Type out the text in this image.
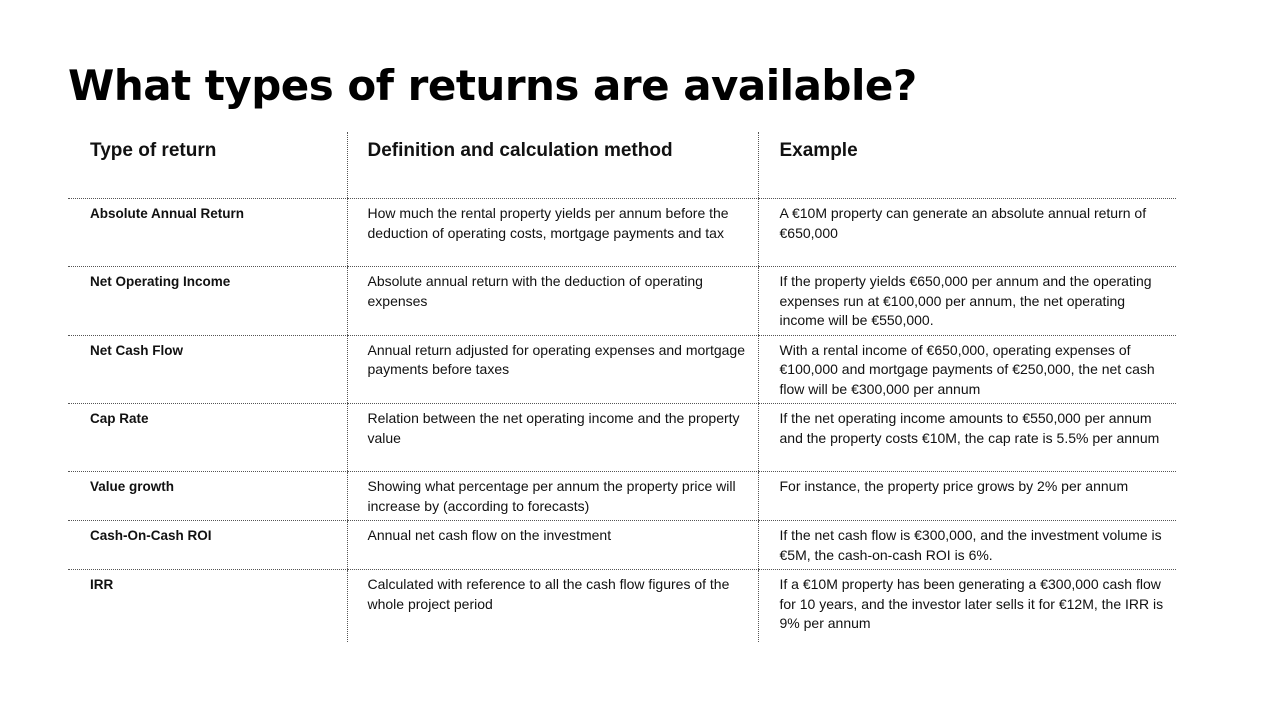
What types of returns are available?
Type of return	Definition and calculation method	Example
Absolute Annual Return	How much the rental property yields per annum before the deduction of operating costs, mortgage payments and tax	A €10M property can generate an absolute annual return of €650,000
Net Operating Income	Absolute annual return with the deduction of operating expenses	If the property yields €650,000 per annum and the operating expenses run at €100,000 per annum, the net operating income will be €550,000.
Net Cash Flow	Annual return adjusted for operating expenses and mortgage payments before taxes	With a rental income of €650,000, operating expenses of €100,000 and mortgage payments of €250,000, the net cash flow will be €300,000 per annum
Cap Rate	Relation between the net operating income and the property value	If the net operating income amounts to €550,000 per annum and the property costs €10M, the cap rate is 5.5% per annum
Value growth	Showing what percentage per annum the property price will increase by (according to forecasts)	For instance, the property price grows by 2% per annum
Cash-On-Cash ROI	Annual net cash flow on the investment	If the net cash flow is €300,000, and the investment volume is €5M, the cash-on-cash ROI is 6%.
IRR	Calculated with reference to all the cash flow figures of the whole project period	If a €10M property has been generating a €300,000 cash flow for 10 years, and the investor later sells it for €12M, the IRR is 9% per annum
